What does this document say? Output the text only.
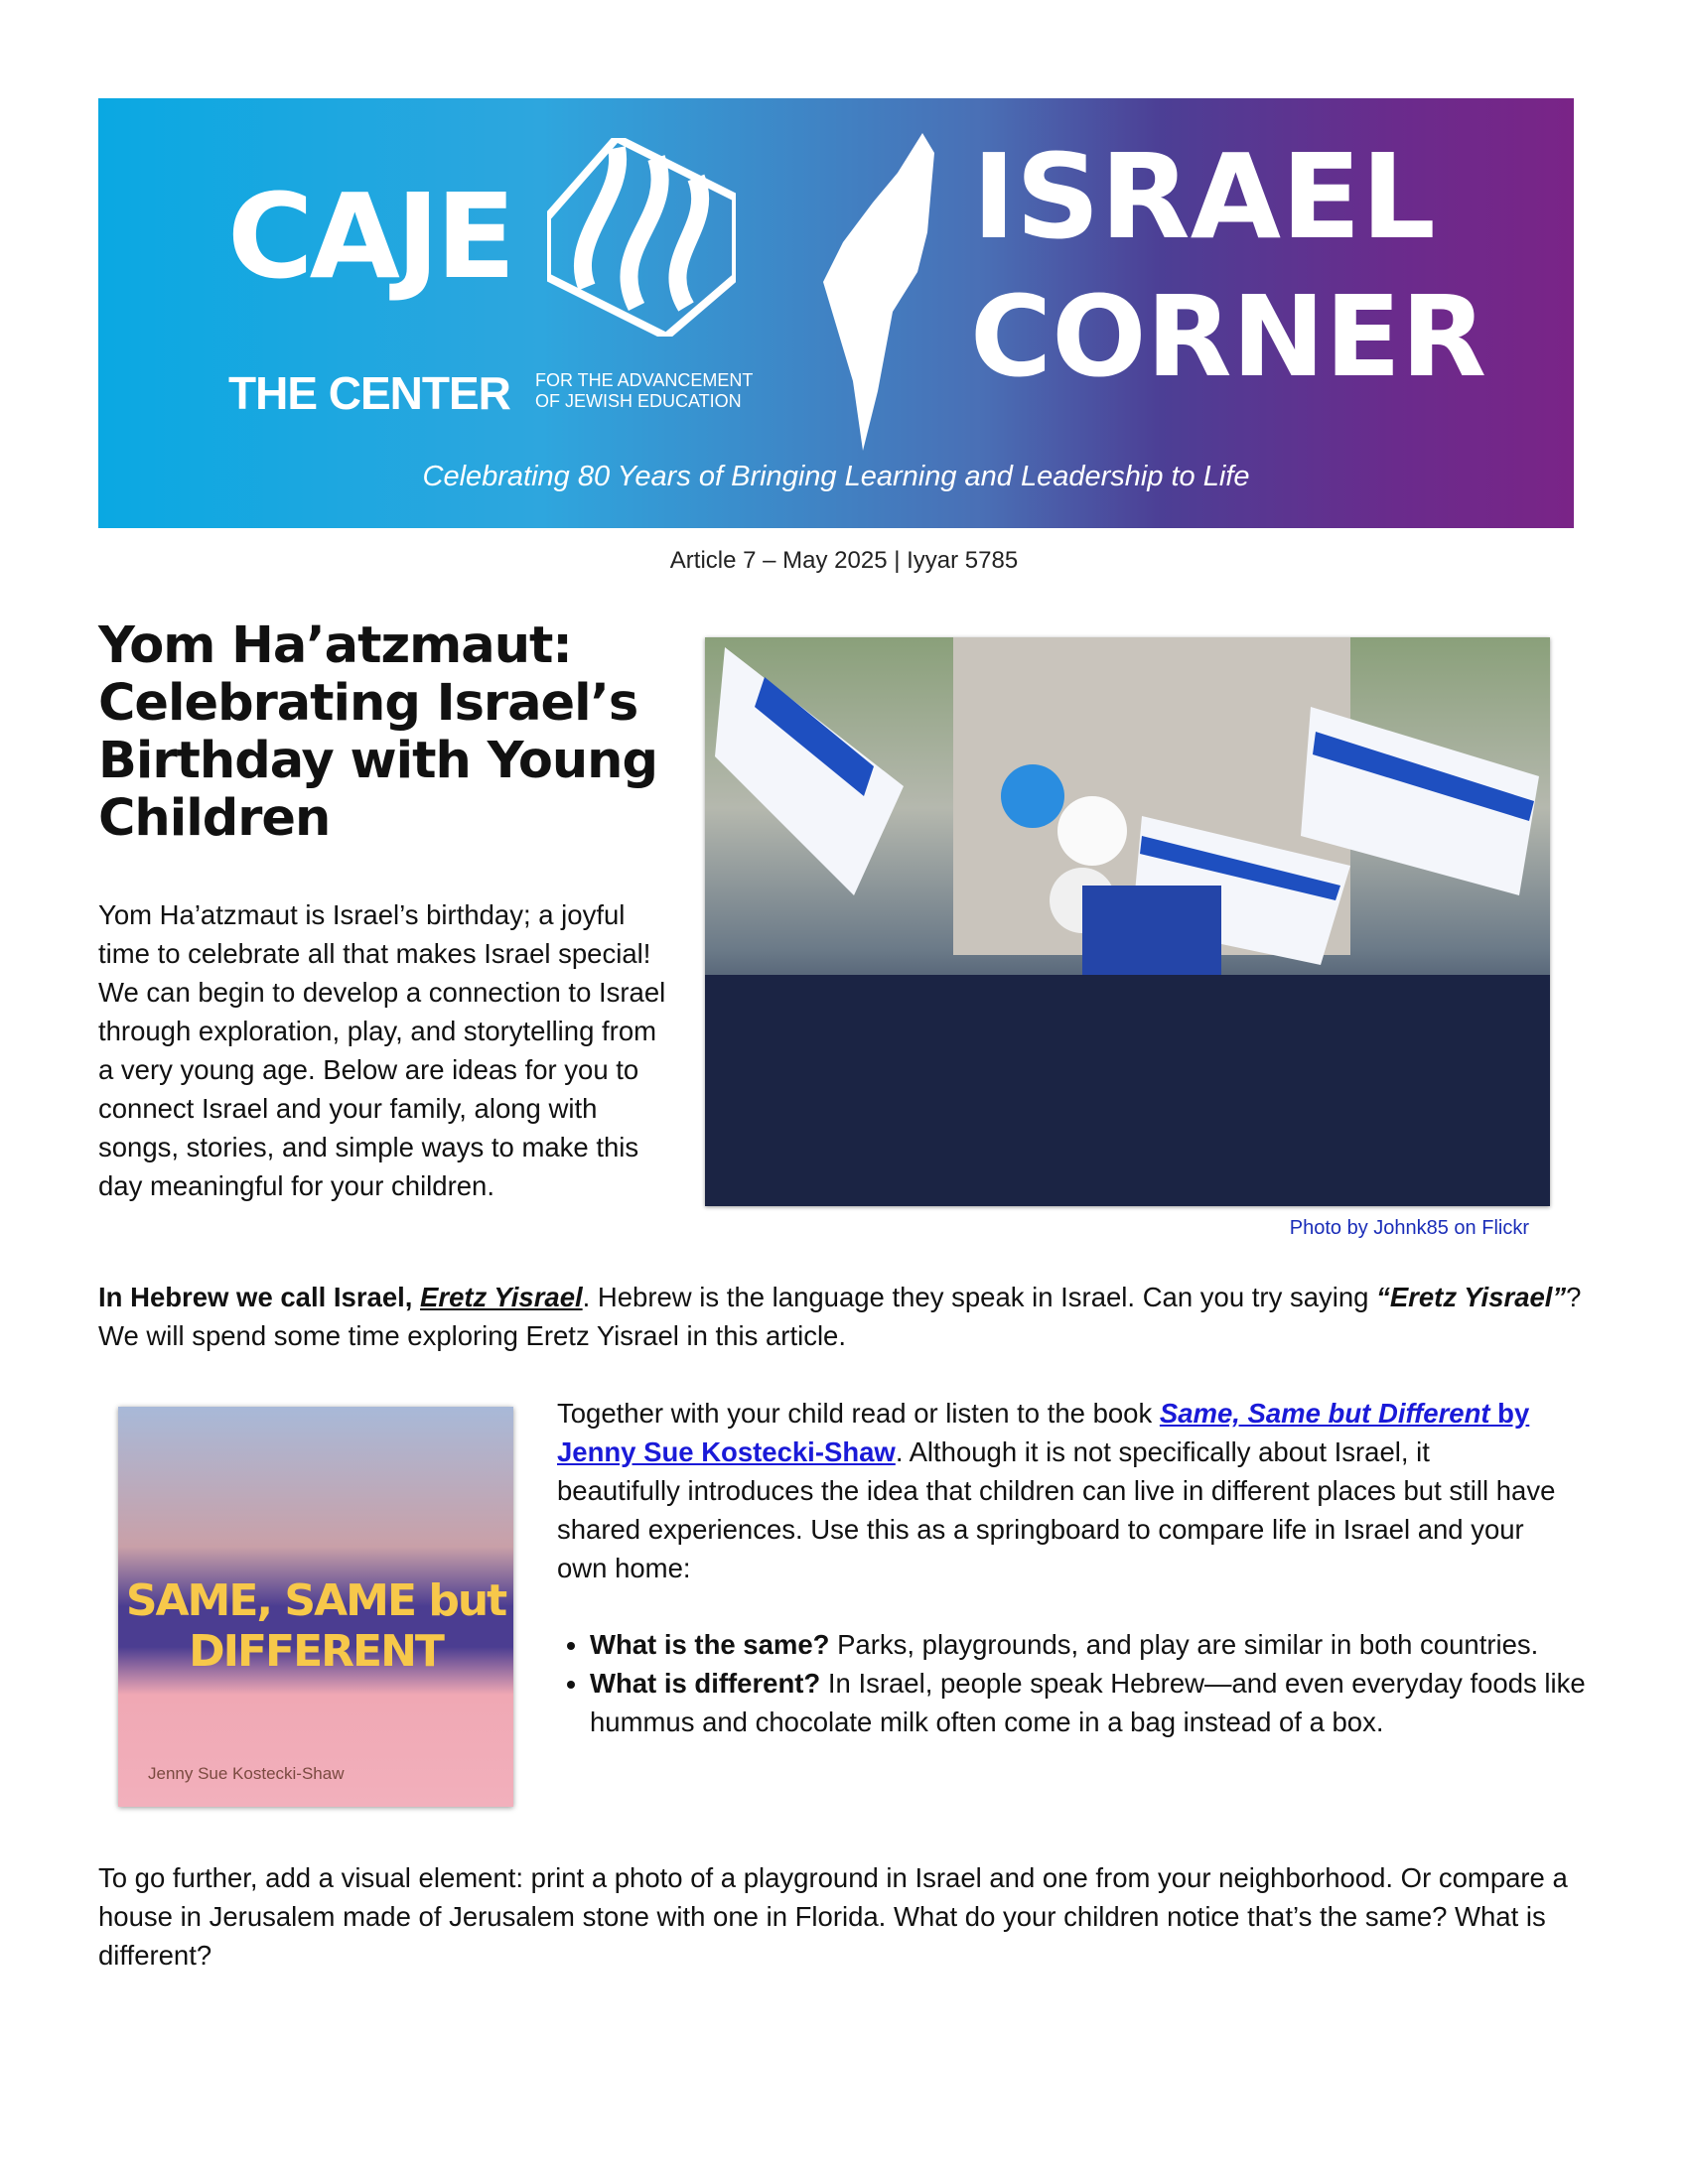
CAJE
THE CENTER FOR THE ADVANCEMENT
OF JEWISH EDUCATION
ISRAEL
CORNER
Celebrating 80 Years of Bringing Learning and Leadership to Life
Article 7 – May 2025 | Iyyar 5785
Yom Ha’atzmaut: Celebrating Israel’s Birthday with Young Children
Photo by Johnk85 on Flickr

Yom Ha’atzmaut is Israel’s birthday; a joyful time to celebrate all that makes Israel special! We can begin to develop a connection to Israel through exploration, play, and storytelling from a very young age. Below are ideas for you to connect Israel and your family, along with songs, stories, and simple ways to make this day meaningful for your children.

In Hebrew we call Israel, Eretz Yisrael. Hebrew is the language they speak in Israel. Can you try saying “Eretz Yisrael”? We will spend some time exploring Eretz Yisrael in this article.

SAME, SAME but DIFFERENT
Jenny Sue Kostecki-Shaw

Together with your child read or listen to the book Same, Same but Different by Jenny Sue Kostecki-Shaw. Although it is not specifically about Israel, it beautifully introduces the idea that children can live in different places but still have shared experiences. Use this as a springboard to compare life in Israel and your own home:

• What is the same? Parks, playgrounds, and play are similar in both countries.
• What is different? In Israel, people speak Hebrew—and even everyday foods like hummus and chocolate milk often come in a bag instead of a box.

To go further, add a visual element: print a photo of a playground in Israel and one from your neighborhood. Or compare a house in Jerusalem made of Jerusalem stone with one in Florida. What do your children notice that’s the same? What is different?
